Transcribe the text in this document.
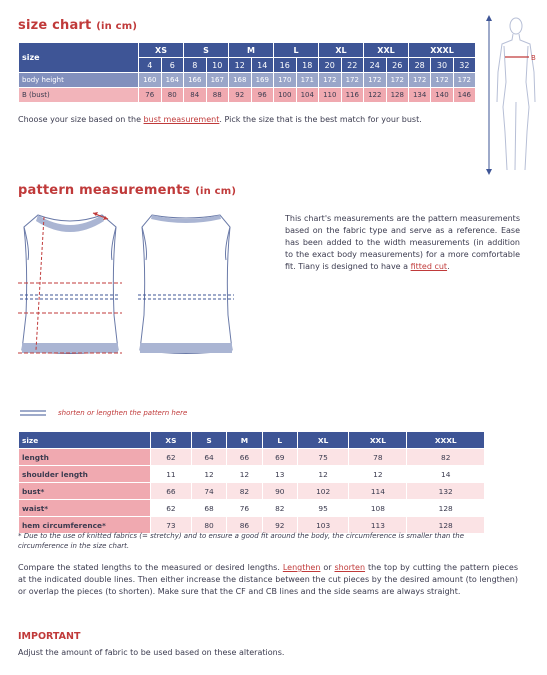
size chart (in cm)
size	XS		S		M		L		XL		XXL		XXXL		
	4	6	8	10	12	14	16	18	20	22	24	26	28	30	32
body height	160	164	166	167	168	169	170	171	172	172	172	172	172	172	172
B (bust)	76	80	84	88	92	96	100	104	110	116	122	128	134	140	146
Choose your size based on the bust measurement. Pick the size that is the best match for your bust.
B
pattern measurements (in cm)
This chart's measurements are the pattern measurements based on the fabric type and serve as a reference. Ease has been added to the width measurements (in addition to the exact body measurements) for a more comfortable fit. Tiany is designed to have a fitted cut.
shorten or lengthen the pattern here
size	XS	S	M	L	XL	XXL	XXXL
length	62	64	66	69	75	78	82
shoulder length	11	12	12	13	12	12	14
bust*	66	74	82	90	102	114	132
waist*	62	68	76	82	95	108	128
hem circumference*	73	80	86	92	103	113	128
* Due to the use of knitted fabrics (= stretchy) and to ensure a good fit around the body, the circumference is smaller than the circumference in the size chart.
Compare the stated lengths to the measured or desired lengths. Lengthen or shorten the top by cutting the pattern pieces at the indicated double lines. Then either increase the distance between the cut pieces by the desired amount (to lengthen) or overlap the pieces (to shorten). Make sure that the CF and CB lines and the side seams are always straight.
IMPORTANT
Adjust the amount of fabric to be used based on these alterations.
